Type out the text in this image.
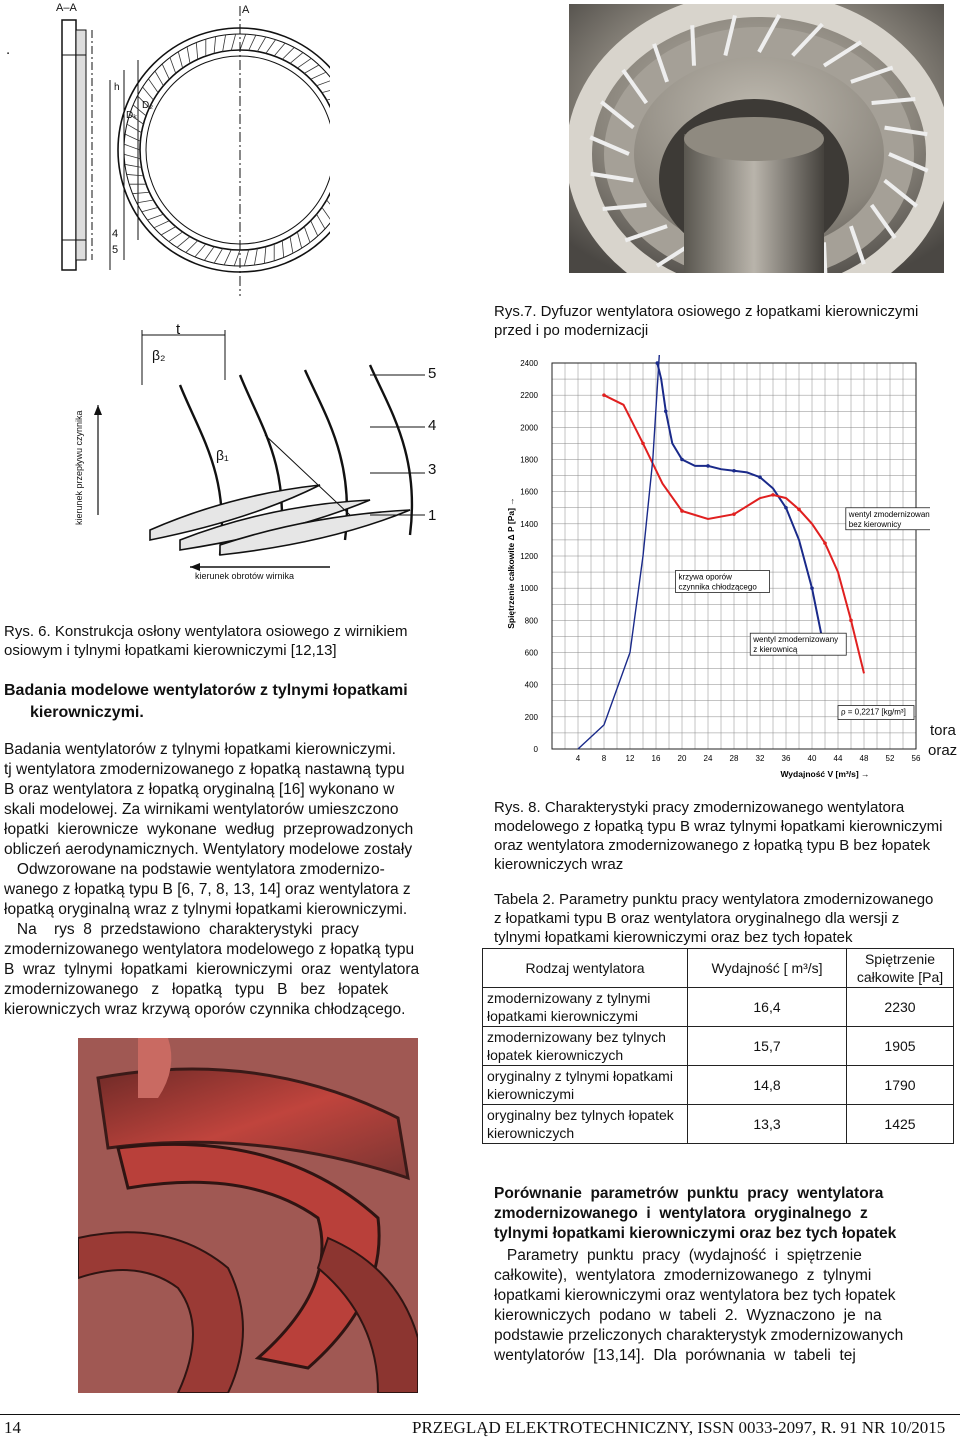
.
A–A	A
D₂
Dₖ
h
4
5
Rys.7. Dyfuzor wentylatora osiowego z łopatkami kierowniczymi
przed i po modernizacji
t
β₂
β₁
5
4
3
1
kierunek przepływu czynnika
kierunek obrotów wirnika
Rys. 6. Konstrukcja osłony wentylatora osiowego z wirnikiem
osiowym i tylnymi łopatkami kierowniczymi [12,13]
Badania modelowe wentylatorów z tylnymi łopatkami
kierowniczymi.
Badania wentylatorów z tylnymi łopatkami kierowniczymi.
tj wentylatora zmodernizowanego z łopatką nastawną typu
B oraz wentylatora z łopatką oryginalną [16] wykonano w
skali modelowej. Za wirnikami wentylatorów umieszczono
łopatki  kierownicze  wykonane  według  przeprowadzonych
obliczeń aerodynamicznych. Wentylatory modelowe zostały
Odwzorowane na podstawie wentylatora zmodernizo-
wanego z łopatką typu B [6, 7, 8, 13, 14] oraz wentylatora z
łopatką oryginalną wraz z tylnymi łopatkami kierowniczymi.
Na    rys  8  przedstawiono  charakterystyki  pracy
zmodernizowanego wentylatora modelowego z łopatką typu
B  wraz  tylnymi  łopatkami  kierowniczymi  oraz  wentylatora
zmodernizowanego   z   łopatką   typu   B   bez   łopatek
kierowniczych wraz krzywą oporów czynnika chłodzącego.
tora
oraz
0
200
400
600
800
1000
1200
1400
1600
1800
2000
2200
2400
4	8 12 16 20 24 28 32 36 40 44 48 52 56
Spiętrzenie całkowite Δ P [Pa] →
Wydajność V [m³/s] →
krzywa oporów
czynnika chłodzącego
wentyl zmodernizowany
bez kierownicy
wentyl zmodernizowany
z kierownicą
ρ = 0,2217 [kg/m³]
Rys. 8. Charakterystyki pracy zmodernizowanego wentylatora
modelowego z łopatką typu B wraz tylnymi łopatkami kierowniczymi
oraz wentylatora zmodernizowanego z łopatką typu B bez łopatek
kierowniczych wraz
Tabela 2. Parametry punktu pracy wentylatora zmodernizowanego
z łopatkami typu B oraz wentylatora oryginalnego dla wersji z
tylnymi łopatkami kierowniczymi oraz bez tych łopatek
Rodzaj wentylatora	Wydajność [ m³/s]	Spiętrzenie całkowite [Pa]
zmodernizowany z tylnymi łopatkami kierowniczymi	16,4	2230
zmodernizowany bez tylnych łopatek kierowniczych	15,7	1905
oryginalny z tylnymi łopatkami kierowniczymi	14,8	1790
oryginalny bez tylnych łopatek kierowniczych	13,3	1425
Porównanie  parametrów  punktu  pracy  wentylatora
zmodernizowanego  i  wentylatora  oryginalnego  z
tylnymi łopatkami kierowniczymi oraz bez tych łopatek
Parametry  punktu  pracy  (wydajność  i  spiętrzenie
całkowite),  wentylatora  zmodernizowanego  z  tylnymi
łopatkami kierowniczymi oraz wentylatora bez tych łopatek
kierowniczych  podano  w  tabeli  2.  Wyznaczono  je  na
podstawie przeliczonych charakterystyk zmodernizowanych
wentylatorów  [13,14].  Dla  porównania  w  tabeli  tej
14	PRZEGLĄD ELEKTROTECHNICZNY, ISSN 0033-2097, R. 91 NR 10/2015
